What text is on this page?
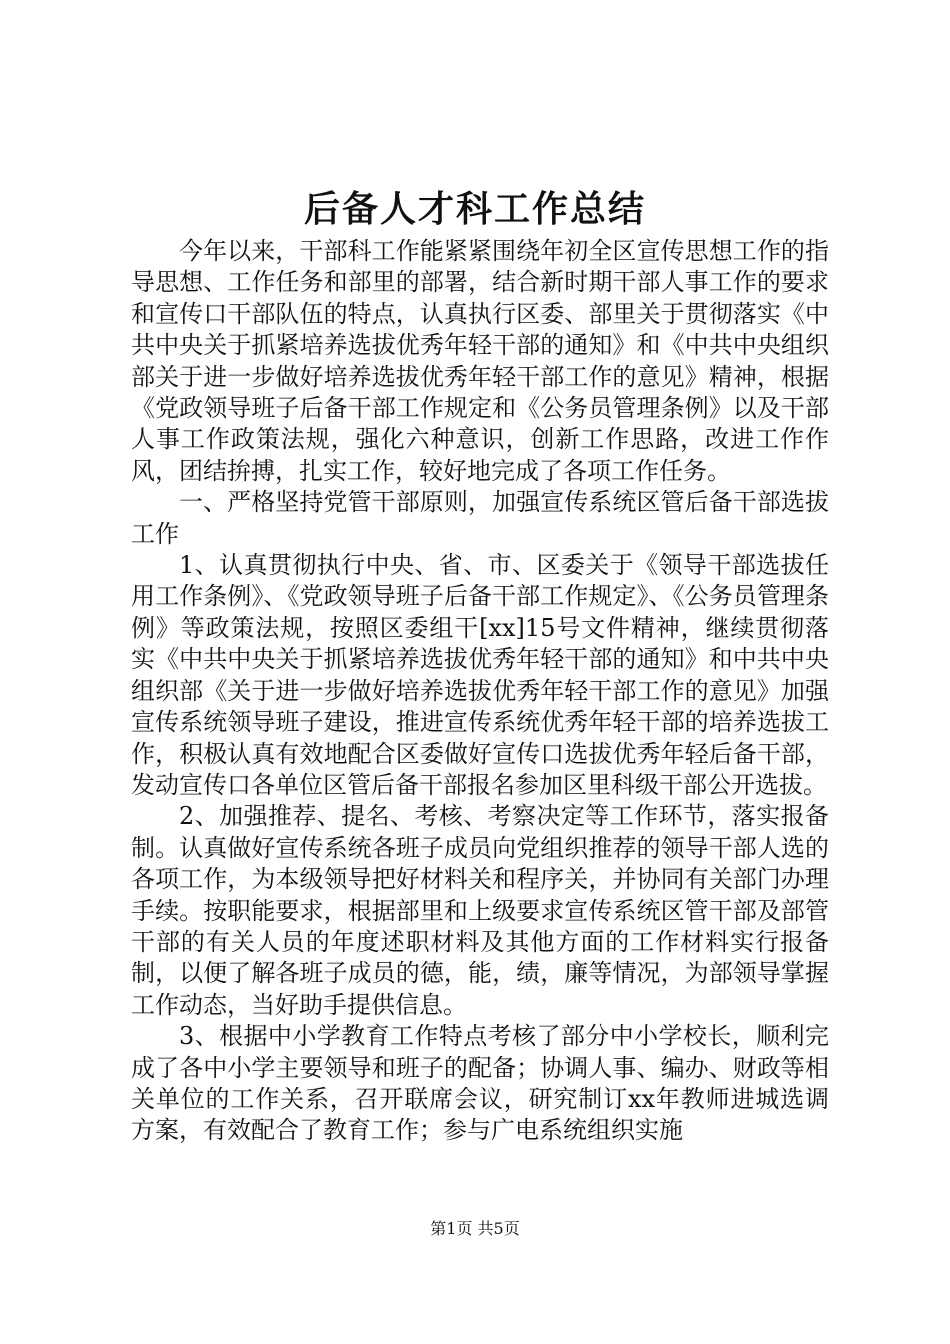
后备人才科工作总结

今年以来，干部科工作能紧紧围绕年初全区宣传思想工作的指导思想、工作任务和部里的部署，结合新时期干部人事工作的要求和宣传口干部队伍的特点，认真执行区委、部里关于贯彻落实《中共中央关于抓紧培养选拔优秀年轻干部的通知》和《中共中央组织部关于进一步做好培养选拔优秀年轻干部工作的意见》精神，根据《党政领导班子后备干部工作规定和《公务员管理条例》以及干部人事工作政策法规，强化六种意识，创新工作思路，改进工作作风，团结拚搏，扎实工作，较好地完成了各项工作任务。

一、严格坚持党管干部原则，加强宣传系统区管后备干部选拔工作

1、认真贯彻执行中央、省、市、区委关于《领导干部选拔任用工作条例》、《党政领导班子后备干部工作规定》、《公务员管理条例》等政策法规，按照区委组干[xx]15号文件精神，继续贯彻落实《中共中央关于抓紧培养选拔优秀年轻干部的通知》和中共中央组织部《关于进一步做好培养选拔优秀年轻干部工作的意见》加强宣传系统领导班子建设，推进宣传系统优秀年轻干部的培养选拔工作，积极认真有效地配合区委做好宣传口选拔优秀年轻后备干部，发动宣传口各单位区管后备干部报名参加区里科级干部公开选拔。

2、加强推荐、提名、考核、考察决定等工作环节，落实报备制。认真做好宣传系统各班子成员向党组织推荐的领导干部人选的各项工作，为本级领导把好材料关和程序关，并协同有关部门办理手续。按职能要求，根据部里和上级要求宣传系统区管干部及部管干部的有关人员的年度述职材料及其他方面的工作材料实行报备制，以便了解各班子成员的德，能，绩，廉等情况，为部领导掌握工作动态，当好助手提供信息。

3、根据中小学教育工作特点考核了部分中小学校长，顺利完成了各中小学主要领导和班子的配备；协调人事、编办、财政等相关单位的工作关系，召开联席会议，研究制订xx年教师进城选调方案，有效配合了教育工作；参与广电系统组织实施

第1页 共5页
